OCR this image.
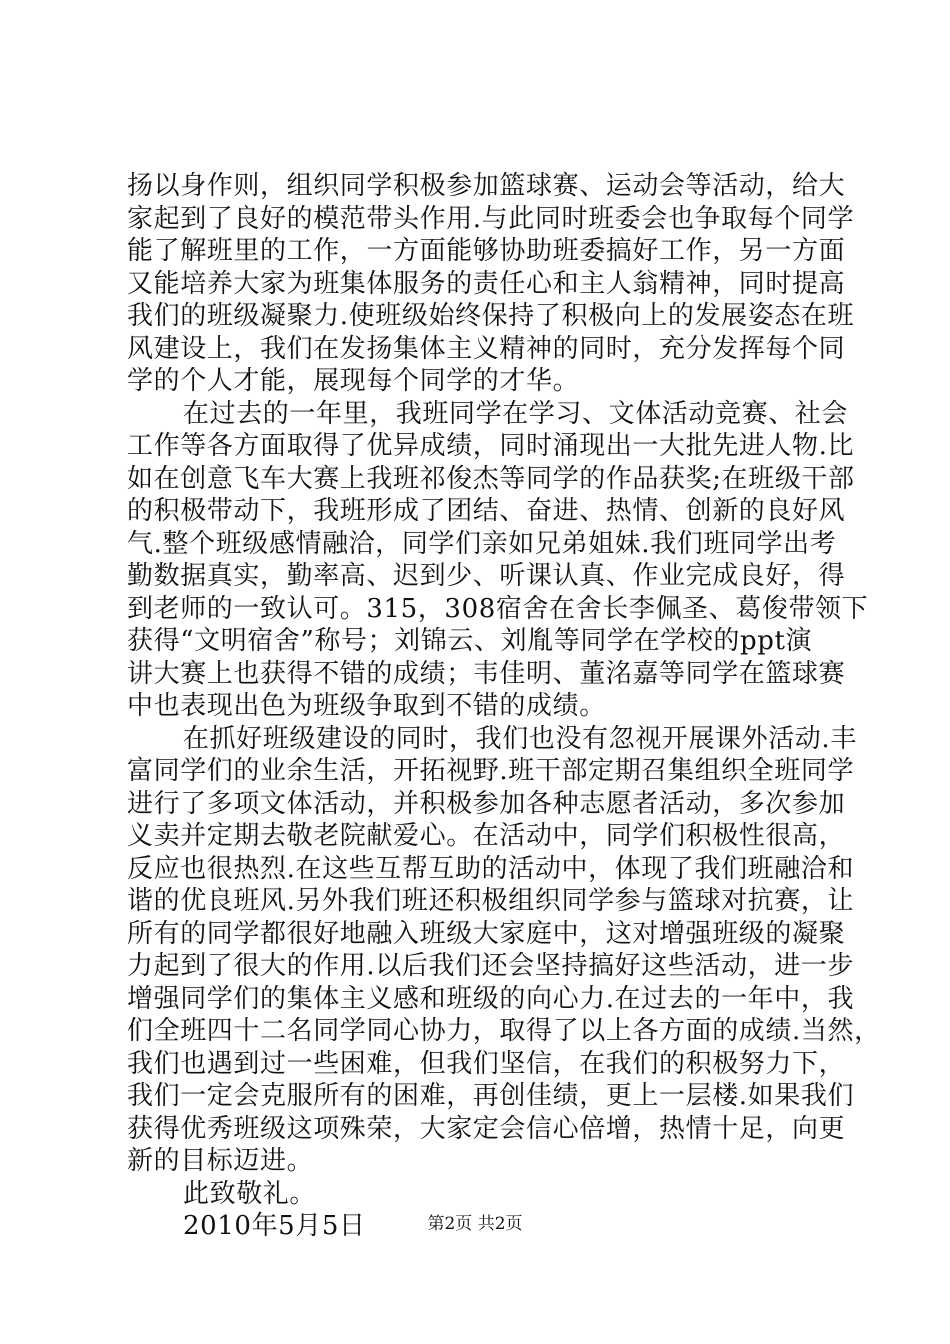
扬以身作则，组织同学积极参加篮球赛、运动会等活动，给大
家起到了良好的模范带头作用.与此同时班委会也争取每个同学
能了解班里的工作，一方面能够协助班委搞好工作，另一方面
又能培养大家为班集体服务的责任心和主人翁精神，同时提高
我们的班级凝聚力.使班级始终保持了积极向上的发展姿态在班
风建设上，我们在发扬集体主义精神的同时，充分发挥每个同
学的个人才能，展现每个同学的才华。
在过去的一年里，我班同学在学习、文体活动竞赛、社会
工作等各方面取得了优异成绩，同时涌现出一大批先进人物.比
如在创意飞车大赛上我班祁俊杰等同学的作品获奖;在班级干部
的积极带动下，我班形成了团结、奋进、热情、创新的良好风
气.整个班级感情融洽，同学们亲如兄弟姐妹.我们班同学出考
勤数据真实，勤率高、迟到少、听课认真、作业完成良好，得
到老师的一致认可。315，308宿舍在舍长李佩圣、葛俊带领下
获得“文明宿舍”称号；刘锦云、刘胤等同学在学校的ppt演
讲大赛上也获得不错的成绩；韦佳明、董洺嘉等同学在篮球赛
中也表现出色为班级争取到不错的成绩。
在抓好班级建设的同时，我们也没有忽视开展课外活动.丰
富同学们的业余生活，开拓视野.班干部定期召集组织全班同学
进行了多项文体活动，并积极参加各种志愿者活动，多次参加
义卖并定期去敬老院献爱心。在活动中，同学们积极性很高，
反应也很热烈.在这些互帮互助的活动中，体现了我们班融洽和
谐的优良班风.另外我们班还积极组织同学参与篮球对抗赛，让
所有的同学都很好地融入班级大家庭中，这对增强班级的凝聚
力起到了很大的作用.以后我们还会坚持搞好这些活动，进一步
增强同学们的集体主义感和班级的向心力.在过去的一年中，我
们全班四十二名同学同心协力，取得了以上各方面的成绩.当然，
我们也遇到过一些困难，但我们坚信，在我们的积极努力下，
我们一定会克服所有的困难，再创佳绩，更上一层楼.如果我们
获得优秀班级这项殊荣，大家定会信心倍增，热情十足，向更
新的目标迈进。
此致敬礼。
2010年5月5日	第2页 共2页
